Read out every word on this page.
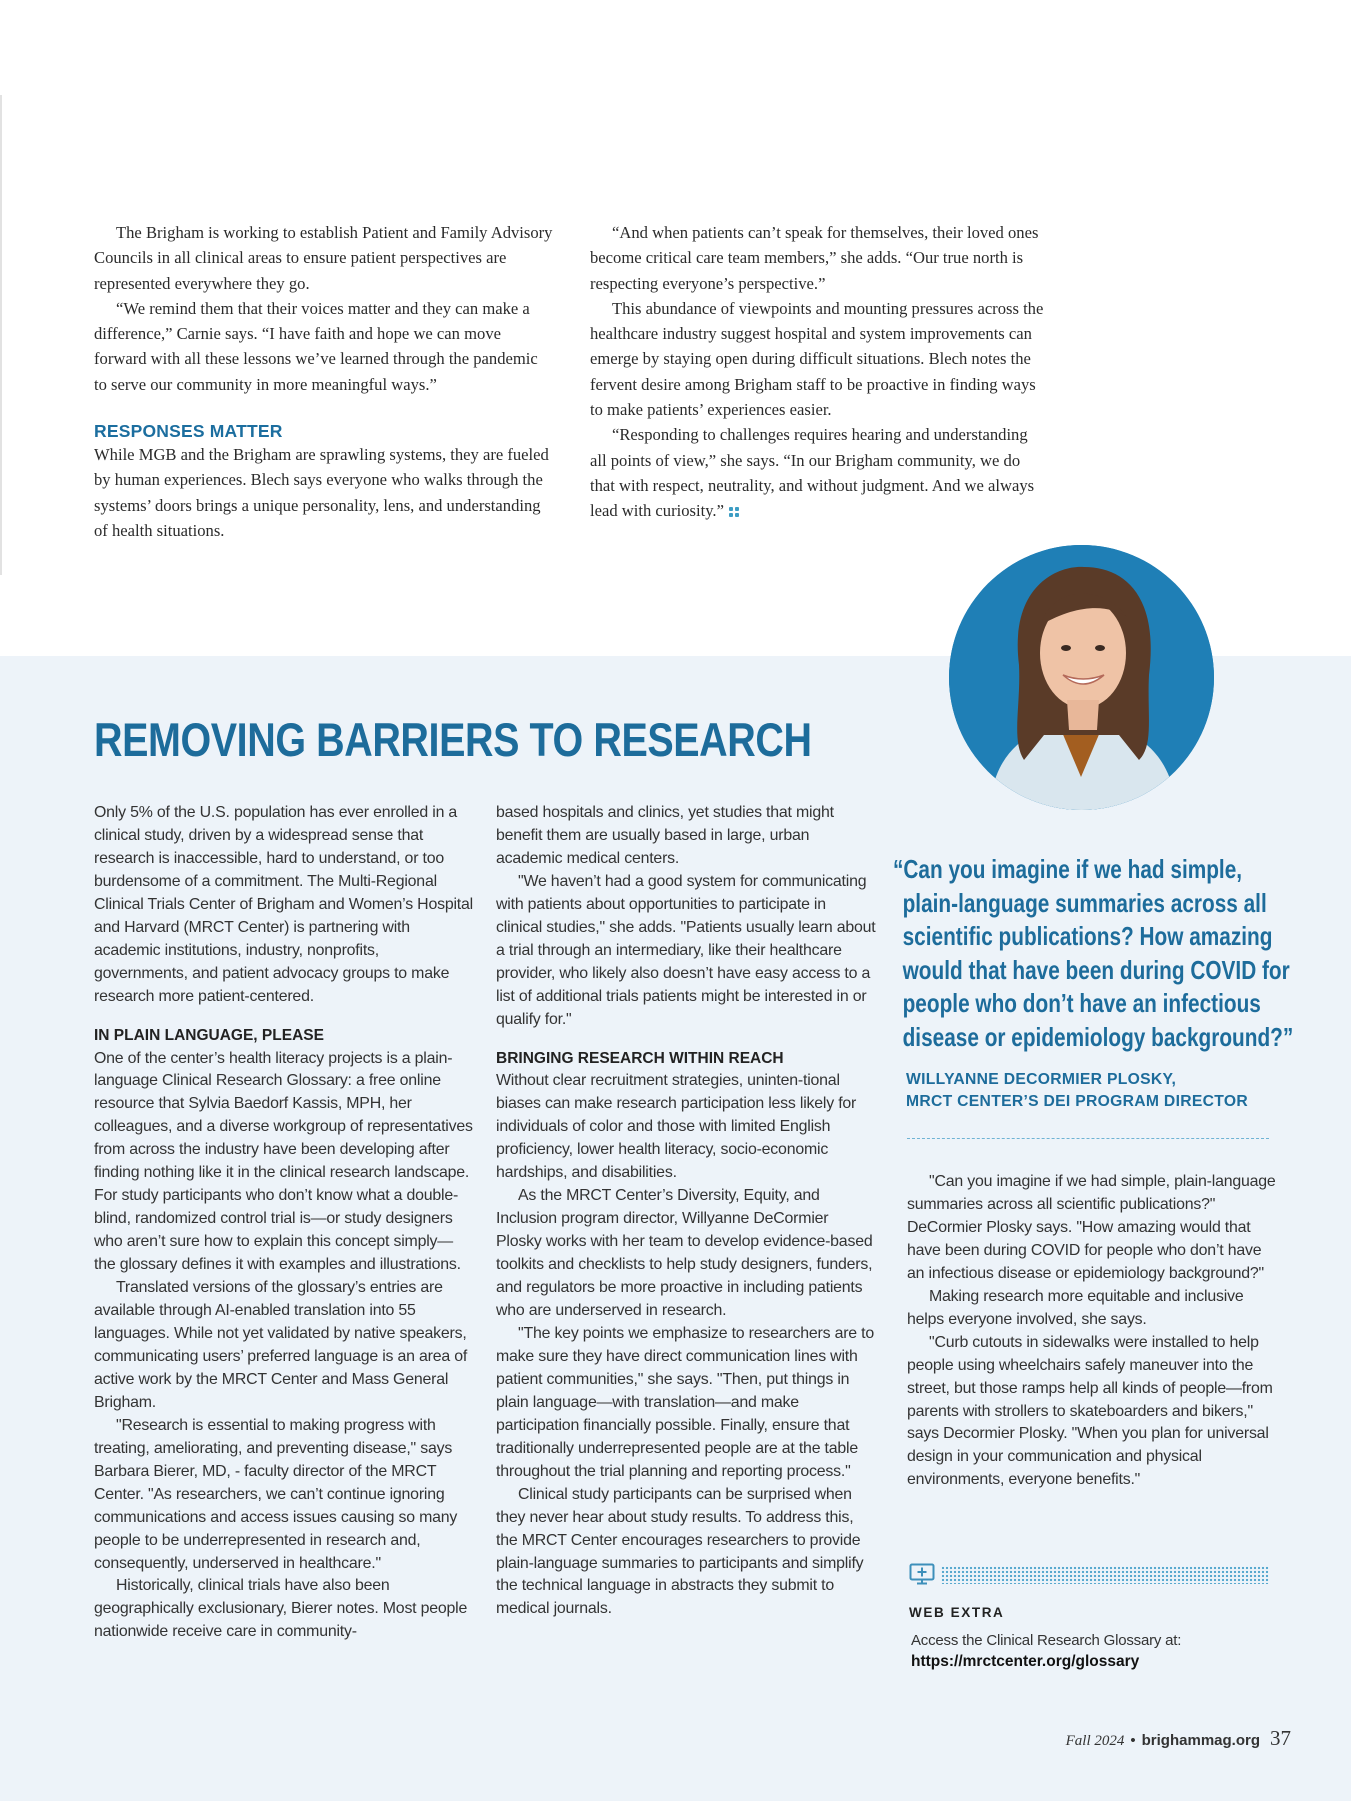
The Brigham is working to establish Patient and Family Advisory Councils in all clinical areas to ensure patient perspectives are represented everywhere they go.

“We remind them that their voices matter and they can make a difference,” Carnie says. “I have faith and hope we can move forward with all these lessons we’ve learned through the pandemic to serve our community in more meaningful ways.”

RESPONSES MATTER

While MGB and the Brigham are sprawling systems, they are fueled by human experiences. Blech says everyone who walks through the systems’ doors brings a unique personality, lens, and understanding of health situations.

“And when patients can’t speak for themselves, their loved ones become critical care team members,” she adds. “Our true north is respecting everyone’s perspective.”

This abundance of viewpoints and mounting pressures across the healthcare industry suggest hospital and system improvements can emerge by staying open during difficult situations. Blech notes the fervent desire among Brigham staff to be proactive in finding ways to make patients’ experiences easier.

“Responding to challenges requires hearing and understanding all points of view,” she says. “In our Brigham community, we do that with respect, neutrality, and without judgment. And we always lead with curiosity.”

REMOVING BARRIERS TO RESEARCH

Only 5% of the U.S. population has ever enrolled in a clinical study, driven by a widespread sense that research is inaccessible, hard to understand, or too burdensome of a commitment. The Multi-Regional Clinical Trials Center of Brigham and Women’s Hospital and Harvard (MRCT Center) is partnering with academic institutions, industry, nonprofits, governments, and patient advocacy groups to make research more patient-centered.

IN PLAIN LANGUAGE, PLEASE

One of the center’s health literacy projects is a plain-language Clinical Research Glossary: a free online resource that Sylvia Baedorf Kassis, MPH, her colleagues, and a diverse workgroup of representatives from across the industry have been developing after finding nothing like it in the clinical research landscape. For study participants who don’t know what a double-blind, randomized control trial is—or study designers who aren’t sure how to explain this concept simply—the glossary defines it with examples and illustrations.

Translated versions of the glossary’s entries are available through AI-enabled translation into 55 languages. While not yet validated by native speakers, communicating users’ preferred language is an area of active work by the MRCT Center and Mass General Brigham.

"Research is essential to making progress with treating, ameliorating, and preventing disease," says Barbara Bierer, MD, - faculty director of the MRCT Center. "As researchers, we can’t continue ignoring communications and access issues causing so many people to be underrepresented in research and, consequently, underserved in healthcare."

Historically, clinical trials have also been geographically exclusionary, Bierer notes. Most people nationwide receive care in community-

based hospitals and clinics, yet studies that might benefit them are usually based in large, urban academic medical centers.

"We haven’t had a good system for communicating with patients about opportunities to participate in clinical studies," she adds. "Patients usually learn about a trial through an intermediary, like their healthcare provider, who likely also doesn’t have easy access to a list of additional trials patients might be interested in or qualify for."

BRINGING RESEARCH WITHIN REACH

Without clear recruitment strategies, uninten-tional biases can make research participation less likely for individuals of color and those with limited English proficiency, lower health literacy, socio-economic hardships, and disabilities.

As the MRCT Center’s Diversity, Equity, and Inclusion program director, Willyanne DeCormier Plosky works with her team to develop evidence-based toolkits and checklists to help study designers, funders, and regulators be more proactive in including patients who are underserved in research.

"The key points we emphasize to researchers are to make sure they have direct communication lines with patient communities," she says. "Then, put things in plain language—with translation—and make participation financially possible. Finally, ensure that traditionally underrepresented people are at the table throughout the trial planning and reporting process."

Clinical study participants can be surprised when they never hear about study results. To address this, the MRCT Center encourages researchers to provide plain-language summaries to participants and simplify the technical language in abstracts they submit to medical journals.

“Can you imagine if we had simple,
plain-language summaries across all
scientific publications? How amazing
would that have been during COVID for
people who don’t have an infectious
disease or epidemiology background?”
WILLYANNE DECORMIER PLOSKY,
MRCT CENTER’S DEI PROGRAM DIRECTOR

"Can you imagine if we had simple, plain-language summaries across all scientific publications?" DeCormier Plosky says. "How amazing would that have been during COVID for people who don’t have an infectious disease or epidemiology background?"

Making research more equitable and inclusive helps everyone involved, she says.

"Curb cutouts in sidewalks were installed to help people using wheelchairs safely maneuver into the street, but those ramps help all kinds of people—from parents with strollers to skateboarders and bikers," says Decormier Plosky. "When you plan for universal design in your communication and physical environments, everyone benefits."

WEB EXTRA
Access the Clinical Research Glossary at:
https://mrctcenter.org/glossary
Fall 2024 • brighammag.org 37
